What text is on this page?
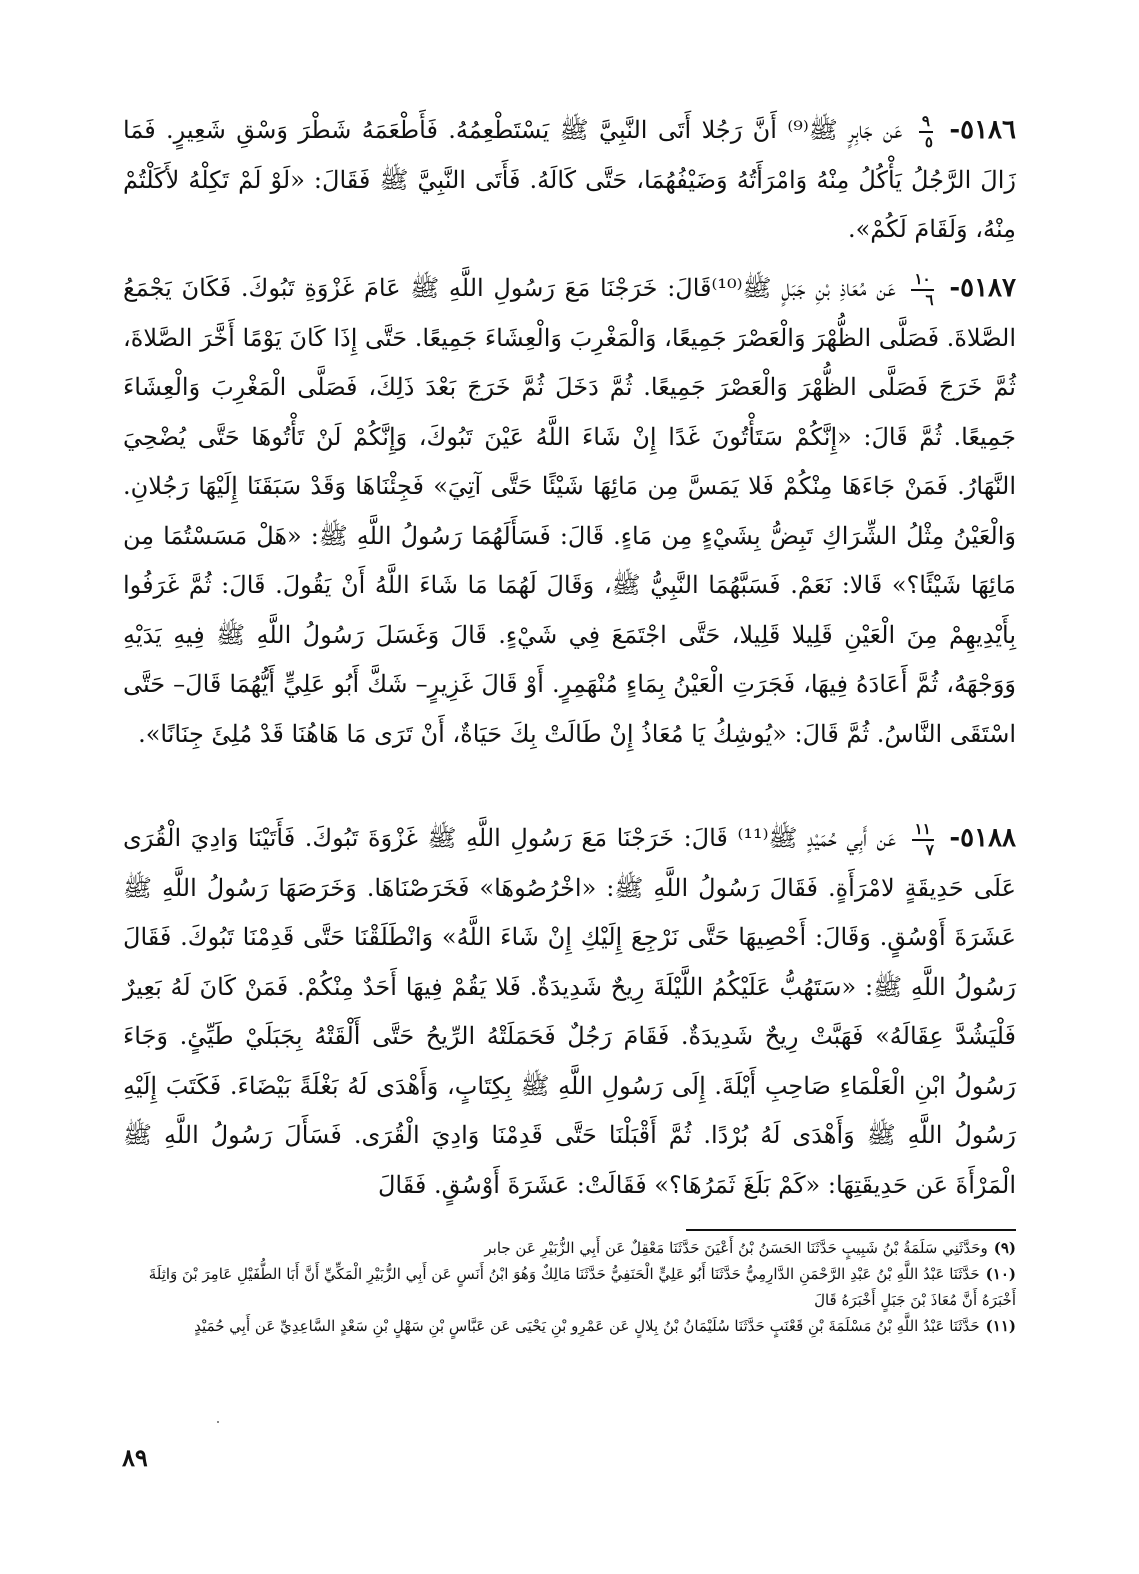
٥١٨٦-
$\frac{٩}{٥}$
عَن جَابِرٍ ﷺ⁽⁹⁾ أَنَّ رَجُلا أَتَى النَّبِيَّ ﷺ يَسْتَطْعِمُهُ. فَأَطْعَمَهُ شَطْرَ وَسْقِ شَعِيرٍ. فَمَا زَالَ الرَّجُلُ يَأْكُلُ مِنْهُ وَامْرَأَتُهُ وَضَيْفُهُمَا، حَتَّى كَالَهُ. فَأَتَى النَّبِيَّ ﷺ فَقَالَ: «لَوْ لَمْ تَكِلْهُ لأَكَلْتُمْ مِنْهُ، وَلَقَامَ لَكُمْ».

٥١٨٧-
$\frac{١٠}{٦}$
عَن مُعَاذِ بْنِ جَبَلٍ ﷺ⁽¹⁰⁾قَالَ: خَرَجْنَا مَعَ رَسُولِ اللَّهِ ﷺ عَامَ غَزْوَةِ تَبُوكَ. فَكَانَ يَجْمَعُ الصَّلاةَ. فَصَلَّى الظُّهْرَ وَالْعَصْرَ جَمِيعًا، وَالْمَغْرِبَ وَالْعِشَاءَ جَمِيعًا. حَتَّى إِذَا كَانَ يَوْمًا أَخَّرَ الصَّلاةَ، ثُمَّ خَرَجَ فَصَلَّى الظُّهْرَ وَالْعَصْرَ جَمِيعًا. ثُمَّ دَخَلَ ثُمَّ خَرَجَ بَعْدَ ذَلِكَ، فَصَلَّى الْمَغْرِبَ وَالْعِشَاءَ جَمِيعًا. ثُمَّ قَالَ: «إِنَّكُمْ سَتَأْتُونَ غَدًا إِنْ شَاءَ اللَّهُ عَيْنَ تَبُوكَ، وَإِنَّكُمْ لَنْ تَأْتُوهَا حَتَّى يُضْحِيَ النَّهَارُ. فَمَنْ جَاءَهَا مِنْكُمْ فَلا يَمَسَّ مِن مَائِهَا شَيْئًا حَتَّى آتِيَ» فَجِئْنَاهَا وَقَدْ سَبَقَنَا إِلَيْهَا رَجُلانِ. وَالْعَيْنُ مِثْلُ الشِّرَاكِ تَبِضُّ بِشَيْءٍ مِن مَاءٍ. قَالَ: فَسَأَلَهُمَا رَسُولُ اللَّهِ ﷺ: «هَلْ مَسَسْتُمَا مِن مَائِهَا شَيْئًا؟» قَالا: نَعَمْ. فَسَبَّهُمَا النَّبِيُّ ﷺ، وَقَالَ لَهُمَا مَا شَاءَ اللَّهُ أَنْ يَقُولَ. قَالَ: ثُمَّ غَرَفُوا بِأَيْدِيهِمْ مِنَ الْعَيْنِ قَلِيلا قَلِيلا، حَتَّى اجْتَمَعَ فِي شَيْءٍ. قَالَ وَغَسَلَ رَسُولُ اللَّهِ ﷺ فِيهِ يَدَيْهِ وَوَجْهَهُ، ثُمَّ أَعَادَهُ فِيهَا، فَجَرَتِ الْعَيْنُ بِمَاءٍ مُنْهَمِرٍ. أَوْ قَالَ غَزِيرٍ– شَكَّ أَبُو عَلِيٍّ أَيُّهُمَا قَالَ– حَتَّى اسْتَقَى النَّاسُ. ثُمَّ قَالَ: «يُوشِكُ يَا مُعَاذُ إِنْ طَالَتْ بِكَ حَيَاةٌ، أَنْ تَرَى مَا هَاهُنَا قَدْ مُلِئَ جِنَانًا».

٥١٨٨-
$\frac{١١}{٧}$
عَن أَبِي حُمَيْدٍ ﷺ⁽¹¹⁾ قَالَ: خَرَجْنَا مَعَ رَسُولِ اللَّهِ ﷺ غَزْوَةَ تَبُوكَ. فَأَتَيْنَا وَادِيَ الْقُرَى عَلَى حَدِيقَةٍ لامْرَأَةٍ. فَقَالَ رَسُولُ اللَّهِ ﷺ: «اخْرُصُوهَا» فَخَرَصْنَاهَا. وَخَرَصَهَا رَسُولُ اللَّهِ ﷺ عَشَرَةَ أَوْسُقٍ. وَقَالَ: أَحْصِيهَا حَتَّى نَرْجِعَ إِلَيْكِ إِنْ شَاءَ اللَّهُ» وَانْطَلَقْنَا حَتَّى قَدِمْنَا تَبُوكَ. فَقَالَ رَسُولُ اللَّهِ ﷺ: «سَتَهُبُّ عَلَيْكُمُ اللَّيْلَةَ رِيحٌ شَدِيدَةٌ. فَلا يَقُمْ فِيهَا أَحَدٌ مِنْكُمْ. فَمَنْ كَانَ لَهُ بَعِيرٌ فَلْيَشُدَّ عِقَالَهُ» فَهَبَّتْ رِيحٌ شَدِيدَةٌ. فَقَامَ رَجُلٌ فَحَمَلَتْهُ الرِّيحُ حَتَّى أَلْقَتْهُ بِجَبَلَيْ طَيِّئٍ. وَجَاءَ رَسُولُ ابْنِ الْعَلْمَاءِ صَاحِبِ أَيْلَةَ. إِلَى رَسُولِ اللَّهِ ﷺ بِكِتَابٍ، وَأَهْدَى لَهُ بَغْلَةً بَيْضَاءَ. فَكَتَبَ إِلَيْهِ رَسُولُ اللَّهِ ﷺ وَأَهْدَى لَهُ بُرْدًا. ثُمَّ أَقْبَلْنَا حَتَّى قَدِمْنَا وَادِيَ الْقُرَى. فَسَأَلَ رَسُولُ اللَّهِ ﷺ الْمَرْأَةَ عَن حَدِيقَتِهَا: «كَمْ بَلَغَ ثَمَرُهَا؟» فَقَالَتْ: عَشَرَةَ أَوْسُقٍ. فَقَالَ

(٩)وحَدَّثَنِي سَلَمَةُ بْنُ شَبِيبٍ حَدَّثَنَا الحَسَنُ بْنُ أَعْيَنَ حَدَّثَنَا مَعْقِلٌ عَن أَبِي الزُّبَيْرِ عَن جابر

(١٠)حَدَّثَنَا عَبْدُ اللَّهِ بْنُ عَبْدِ الرَّحْمَنِ الدَّارِمِيُّ حَدَّثَنَا أَبُو عَلِيٍّ الْحَنَفِيُّ حَدَّثَنَا مَالِكٌ وَهُوَ ابْنُ أَنَسٍ عَن أَبِي الزُّبَيْرِ الْمَكِّيِّ أَنَّ أَبَا الطُّفَيْلِ عَامِرَ بْنَ وَاثِلَةَ أَخْبَرَهُ أَنَّ مُعَاذَ بْنَ جَبَلٍ أَخْبَرَهُ قَالَ

(١١)حَدَّثَنَا عَبْدُ اللَّهِ بْنُ مَسْلَمَةَ بْنِ قَعْنَبٍ حَدَّثَنَا سُلَيْمَانُ بْنُ بِلالٍ عَن عَمْرِو بْنِ يَحْيَى عَن عَبَّاسٍ بْنِ سَهْلٍ بْنِ سَعْدٍ السَّاعِدِيِّ عَن أَبِي حُمَيْدٍ

٨٩
